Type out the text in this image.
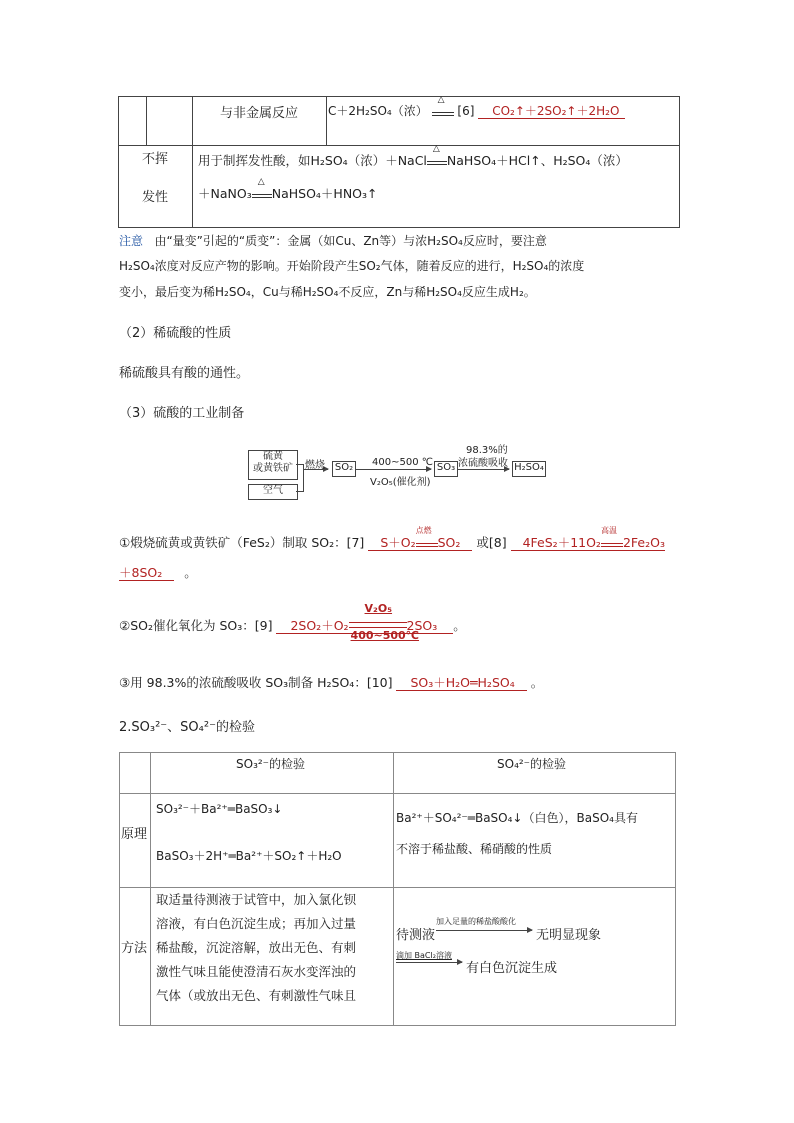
与非金属反应 C＋2H₂SO₄（浓）
△
[6] CO₂↑＋2SO₂↑＋2H₂O
不挥
发性
用于制挥发性酸，如H₂SO₄（浓）＋NaCl
△
NaHSO₄＋HCl↑、H₂SO₄（浓）
＋NaNO₃
△
NaHSO₄＋HNO₃↑
注意 由“量变”引起的“质变”：金属（如Cu、Zn等）与浓H₂SO₄反应时，要注意
H₂SO₄浓度对反应产物的影响。开始阶段产生SO₂气体，随着反应的进行，H₂SO₄的浓度
变小，最后变为稀H₂SO₄，Cu与稀H₂SO₄不反应，Zn与稀H₂SO₄反应生成H₂。
（2）稀硫酸的性质
稀硫酸具有酸的通性。
（3）硫酸的工业制备
硫黄
或黄铁矿
空气
燃烧 SO₂ 400~500 ℃
V₂O₅(催化剂)
SO₃
98.3%的
浓硫酸吸收 H₂SO₄
①煅烧硫黄或黄铁矿（FeS₂）制取 SO₂：[7] S＋O₂
点燃
SO₂ 或[8] 4FeS₂＋11O₂
高温
2Fe₂O₃
＋8SO₂ 。
②SO₂催化氧化为 SO₃：[9] $2SO_2+O_2 \frac{\text{V₂O₅}}{400\sim 500℃} 2SO_3$ 。
③用 98.3%的浓硫酸吸收 SO₃制备 H₂SO₄：[10] SO₃＋H₂O═H₂SO₄ 。
2.SO₃²⁻、SO₄²⁻的检验
SO₃²⁻的检验	SO₄²⁻的检验
原理
SO₃²⁻＋Ba²⁺═BaSO₃↓
BaSO₃＋2H⁺═Ba²⁺＋SO₂↑＋H₂O
Ba²⁺＋SO₄²⁻═BaSO₄↓（白色），BaSO₄具有
不溶于稀盐酸、稀硝酸的性质
方法
取适量待测液于试管中，加入氯化钡
溶液，有白色沉淀生成；再加入过量
稀盐酸，沉淀溶解，放出无色、有刺
激性气味且能使澄清石灰水变浑浊的
气体（或放出无色、有刺激性气味且
待测液
加入足量的稀盐酸酸化
无明显现象
滴加 BaCl₂溶液
有白色沉淀生成
